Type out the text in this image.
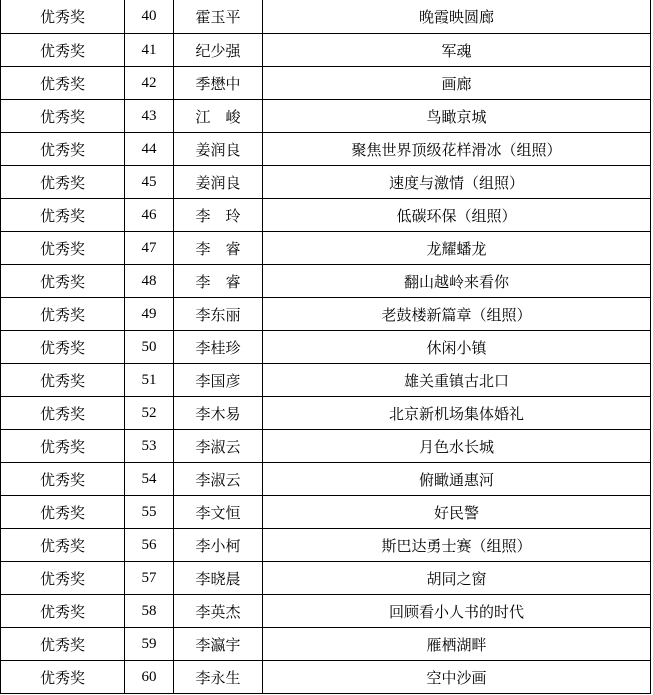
优秀奖	40	霍玉平	晚霞映圆廊
优秀奖	41	纪少强	军魂
优秀奖	42	季懋中	画廊
优秀奖	43	江　峻	鸟瞰京城
优秀奖	44	姜润良	聚焦世界顶级花样滑冰（组照）
优秀奖	45	姜润良	速度与激情（组照）
优秀奖	46	李　玲	低碳环保（组照）
优秀奖	47	李　睿	龙耀蟠龙
优秀奖	48	李　睿	翻山越岭来看你
优秀奖	49	李东丽	老鼓楼新篇章（组照）
优秀奖	50	李桂珍	休闲小镇
优秀奖	51	李国彦	雄关重镇古北口
优秀奖	52	李木易	北京新机场集体婚礼
优秀奖	53	李淑云	月色水长城
优秀奖	54	李淑云	俯瞰通惠河
优秀奖	55	李文恒	好民警
优秀奖	56	李小柯	斯巴达勇士赛（组照）
优秀奖	57	李晓晨	胡同之窗
优秀奖	58	李英杰	回顾看小人书的时代
优秀奖	59	李瀛宇	雁栖湖畔
优秀奖	60	李永生	空中沙画
